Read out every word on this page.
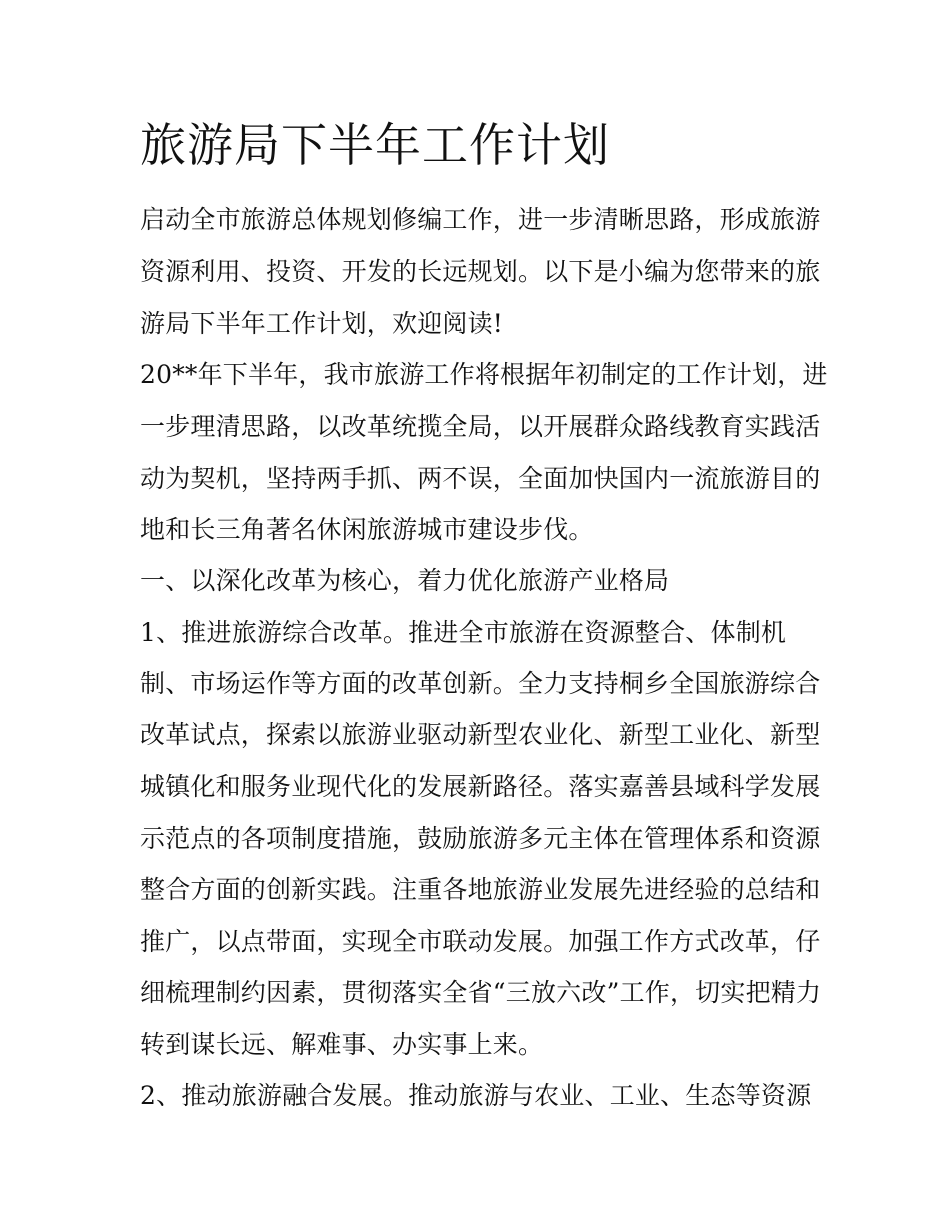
旅游局下半年工作计划
启动全市旅游总体规划修编工作，进一步清晰思路，形成旅游
资源利用、投资、开发的长远规划。以下是小编为您带来的旅
游局下半年工作计划，欢迎阅读!
20**年下半年，我市旅游工作将根据年初制定的工作计划，进
一步理清思路，以改革统揽全局，以开展群众路线教育实践活
动为契机，坚持两手抓、两不误，全面加快国内一流旅游目的
地和长三角著名休闲旅游城市建设步伐。
一、以深化改革为核心，着力优化旅游产业格局
1、推进旅游综合改革。推进全市旅游在资源整合、体制机
制、市场运作等方面的改革创新。全力支持桐乡全国旅游综合
改革试点，探索以旅游业驱动新型农业化、新型工业化、新型
城镇化和服务业现代化的发展新路径。落实嘉善县域科学发展
示范点的各项制度措施，鼓励旅游多元主体在管理体系和资源
整合方面的创新实践。注重各地旅游业发展先进经验的总结和
推广，以点带面，实现全市联动发展。加强工作方式改革，仔
细梳理制约因素，贯彻落实全省“三放六改”工作，切实把精力
转到谋长远、解难事、办实事上来。
2、推动旅游融合发展。推动旅游与农业、工业、生态等资源
